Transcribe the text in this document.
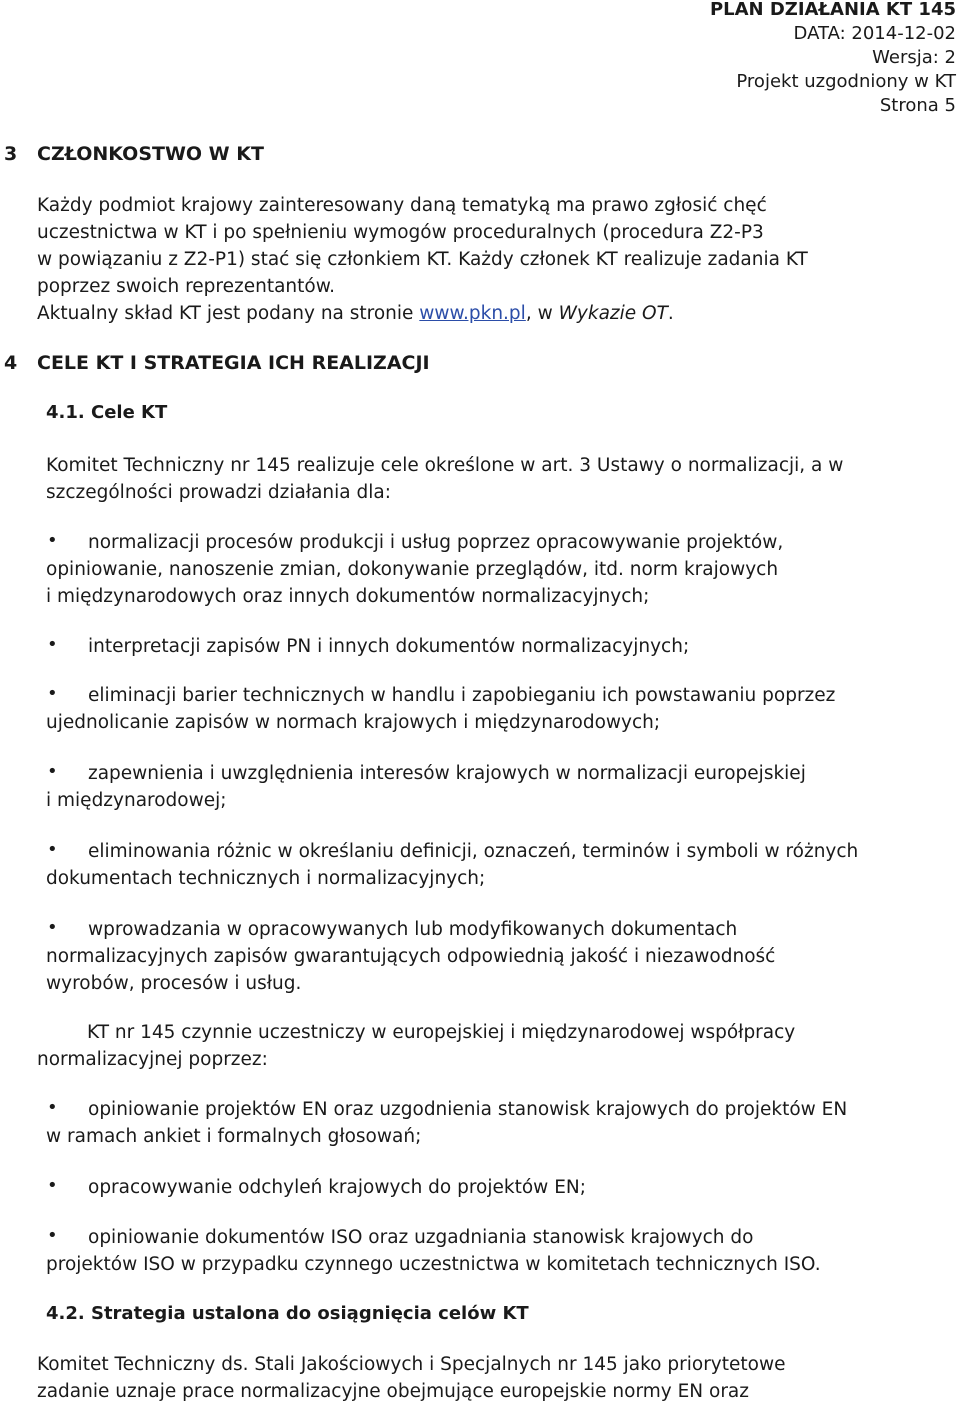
PLAN DZIAŁANIA KT 145
DATA: 2014-12-02
Wersja: 2
Projekt uzgodniony w KT
Strona 5
3 CZŁONKOSTWO W KT
Każdy podmiot krajowy zainteresowany daną tematyką ma prawo zgłosić chęć
uczestnictwa w KT i po spełnieniu wymogów proceduralnych (procedura Z2-P3
w powiązaniu z Z2-P1) stać się członkiem KT. Każdy członek KT realizuje zadania KT
poprzez swoich reprezentantów.
Aktualny skład KT jest podany na stronie www.pkn.pl, w Wykazie OT.
4 CELE KT I STRATEGIA ICH REALIZACJI
4.1. Cele KT
Komitet Techniczny nr 145 realizuje cele określone w art. 3 Ustawy o normalizacji, a w
szczególności prowadzi działania dla:
•	normalizacji procesów produkcji i usług poprzez opracowywanie projektów,
opiniowanie, nanoszenie zmian, dokonywanie przeglądów, itd. norm krajowych
i międzynarodowych oraz innych dokumentów normalizacyjnych;
•	interpretacji zapisów PN i innych dokumentów normalizacyjnych;
•	eliminacji barier technicznych w handlu i zapobieganiu ich powstawaniu poprzez
ujednolicanie zapisów w normach krajowych i międzynarodowych;
•	zapewnienia i uwzględnienia interesów krajowych w normalizacji europejskiej
i międzynarodowej;
•	eliminowania różnic w określaniu definicji, oznaczeń, terminów i symboli w różnych
dokumentach technicznych i normalizacyjnych;
•	wprowadzania w opracowywanych lub modyfikowanych dokumentach
normalizacyjnych zapisów gwarantujących odpowiednią jakość i niezawodność
wyrobów, procesów i usług.
KT nr 145 czynnie uczestniczy w europejskiej i międzynarodowej współpracy
normalizacyjnej poprzez:
•	opiniowanie projektów EN oraz uzgodnienia stanowisk krajowych do projektów EN
w ramach ankiet i formalnych głosowań;
•	opracowywanie odchyleń krajowych do projektów EN;
•	opiniowanie dokumentów ISO oraz uzgadniania stanowisk krajowych do
projektów ISO w przypadku czynnego uczestnictwa w komitetach technicznych ISO.
4.2. Strategia ustalona do osiągnięcia celów KT
Komitet Techniczny ds. Stali Jakościowych i Specjalnych nr 145 jako priorytetowe
zadanie uznaje prace normalizacyjne obejmujące europejskie normy EN oraz
